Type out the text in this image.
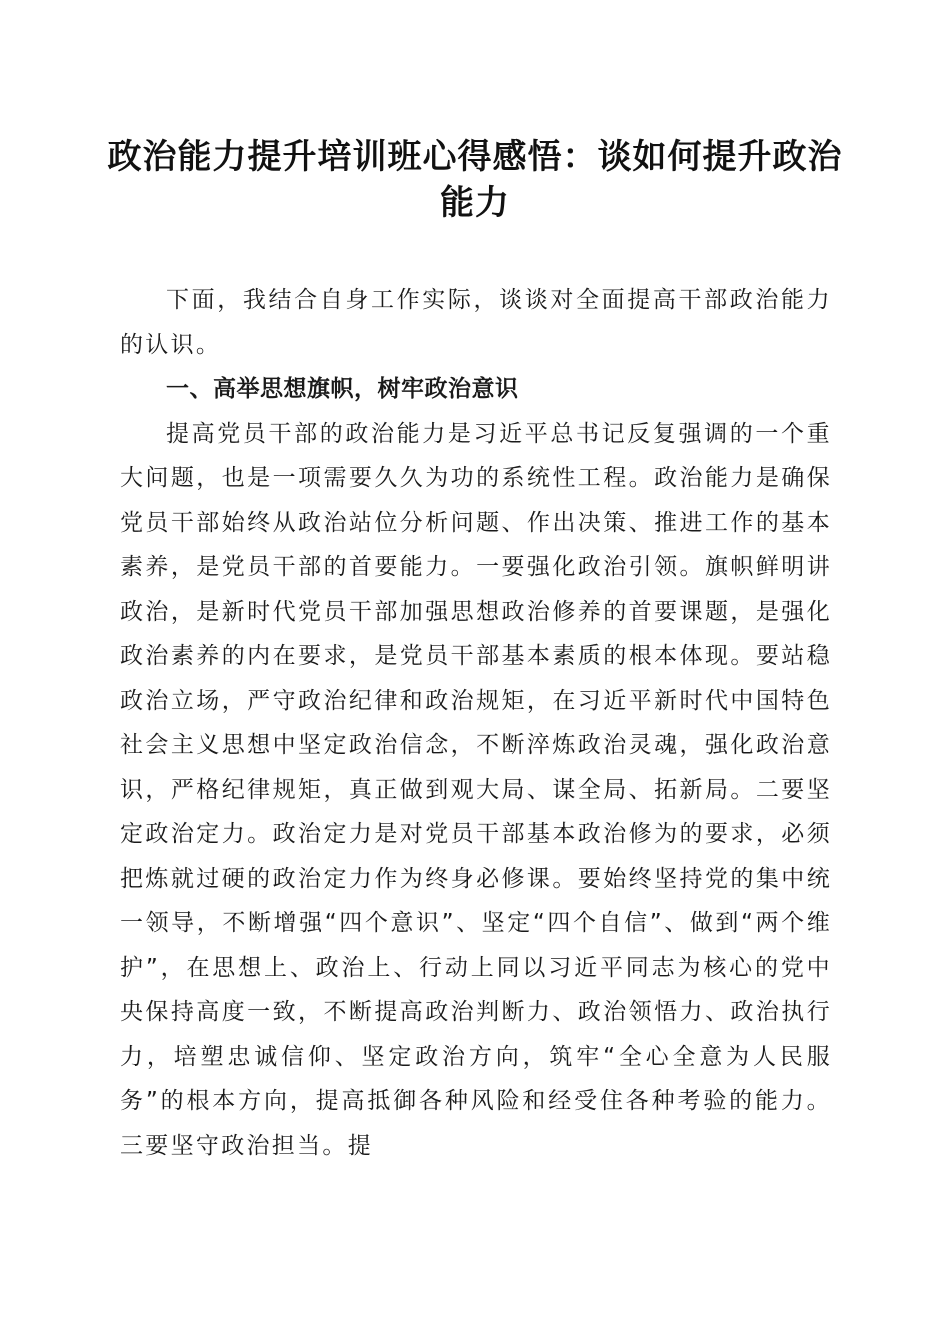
政治能力提升培训班心得感悟：谈如何提升政治能力

下面，我结合自身工作实际，谈谈对全面提高干部政治能力的认识。

一、高举思想旗帜，树牢政治意识

提高党员干部的政治能力是习近平总书记反复强调的一个重大问题，也是一项需要久久为功的系统性工程。政治能力是确保党员干部始终从政治站位分析问题、作出决策、推进工作的基本素养，是党员干部的首要能力。一要强化政治引领。旗帜鲜明讲政治，是新时代党员干部加强思想政治修养的首要课题，是强化政治素养的内在要求，是党员干部基本素质的根本体现。要站稳政治立场，严守政治纪律和政治规矩，在习近平新时代中国特色社会主义思想中坚定政治信念，不断淬炼政治灵魂，强化政治意识，严格纪律规矩，真正做到观大局、谋全局、拓新局。二要坚定政治定力。政治定力是对党员干部基本政治修为的要求，必须把炼就过硬的政治定力作为终身必修课。要始终坚持党的集中统一领导，不断增强“四个意识”、坚定“四个自信”、做到“两个维护”，在思想上、政治上、行动上同以习近平同志为核心的党中央保持高度一致，不断提高政治判断力、政治领悟力、政治执行力，培塑忠诚信仰、坚定政治方向，筑牢“全心全意为人民服务”的根本方向，提高抵御各种风险和经受住各种考验的能力。三要坚守政治担当。提
